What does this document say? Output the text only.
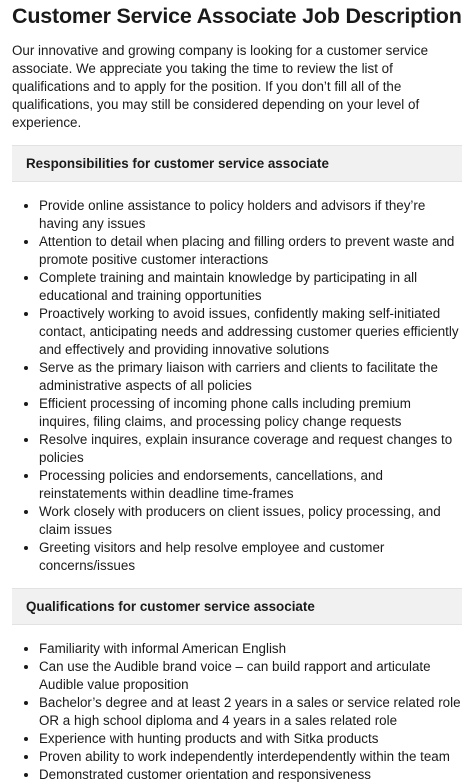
Customer Service Associate Job Description

Our innovative and growing company is looking for a customer service associate. We appreciate you taking the time to review the list of qualifications and to apply for the position. If you don’t fill all of the qualifications, you may still be considered depending on your level of experience.

Responsibilities for customer service associate
• Provide online assistance to policy holders and advisors if they’re having any issues
• Attention to detail when placing and filling orders to prevent waste and promote positive customer interactions
• Complete training and maintain knowledge by participating in all educational and training opportunities
• Proactively working to avoid issues, confidently making self-initiated contact, anticipating needs and addressing customer queries efficiently and effectively and providing innovative solutions
• Serve as the primary liaison with carriers and clients to facilitate the administrative aspects of all policies
• Efficient processing of incoming phone calls including premium inquires, filing claims, and processing policy change requests
• Resolve inquires, explain insurance coverage and request changes to policies
• Processing policies and endorsements, cancellations, and reinstatements within deadline time-frames
• Work closely with producers on client issues, policy processing, and claim issues
• Greeting visitors and help resolve employee and customer concerns/issues
Qualifications for customer service associate
• Familiarity with informal American English
• Can use the Audible brand voice – can build rapport and articulate Audible value proposition
• Bachelor’s degree and at least 2 years in a sales or service related role OR a high school diploma and 4 years in a sales related role
• Experience with hunting products and with Sitka products
• Proven ability to work independently interdependently within the team
• Demonstrated customer orientation and responsiveness
